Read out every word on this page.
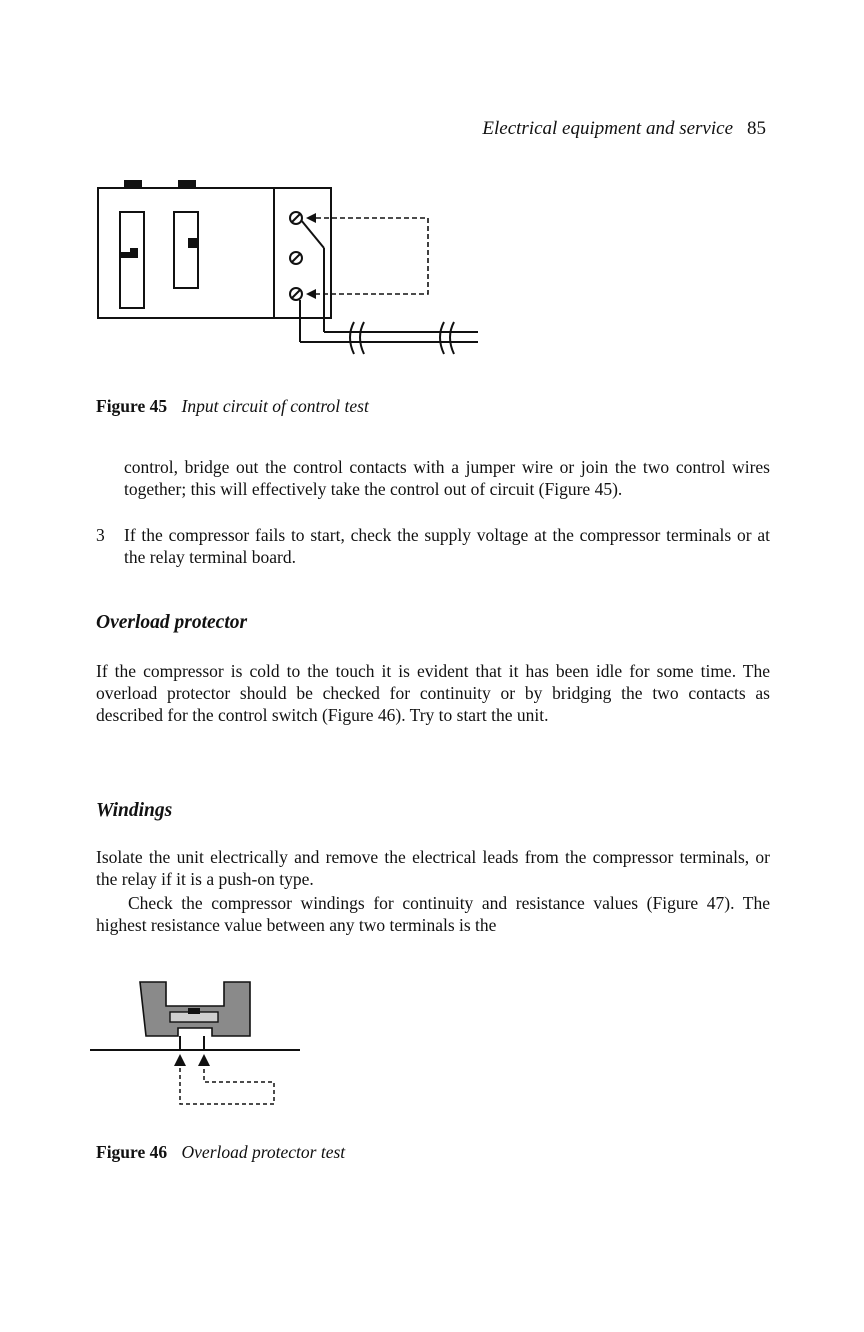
Electrical equipment and service 85
Figure 45 Input circuit of control test

control, bridge out the control contacts with a jumper wire or join the two control wires together; this will effectively take the control out of circuit (Figure 45).

3 If the compressor fails to start, check the supply voltage at the compressor terminals or at the relay terminal board.

Overload protector

If the compressor is cold to the touch it is evident that it has been idle for some time. The overload protector should be checked for continuity or by bridging the two contacts as described for the control switch (Figure 46). Try to start the unit.

Windings

Isolate the unit electrically and remove the electrical leads from the compressor terminals, or the relay if it is a push-on type.

Check the compressor windings for continuity and resistance values (Figure 47). The highest resistance value between any two terminals is the

Figure 46 Overload protector test
